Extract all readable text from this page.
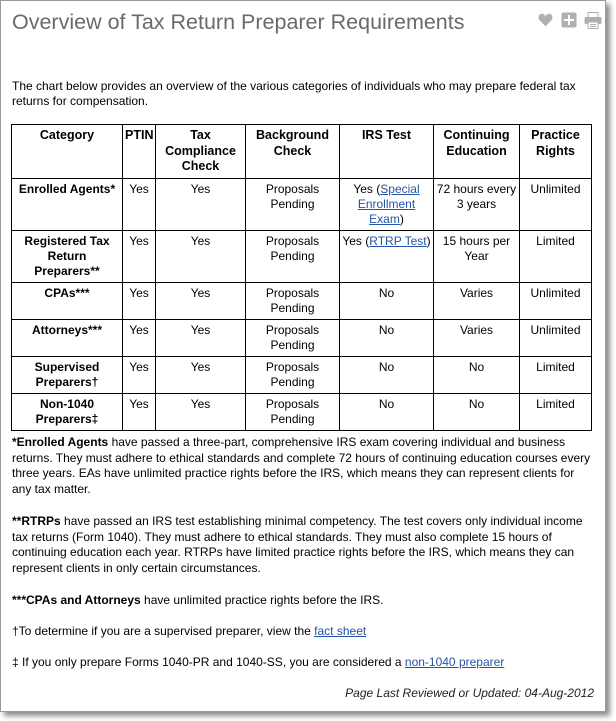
Overview of Tax Return Preparer Requirements

The chart below provides an overview of the various categories of individuals who may prepare federal tax returns for compensation.

Category	PTIN	Tax Compliance Check	Background Check	IRS Test	Continuing Education	Practice Rights
Enrolled Agents*	Yes	Yes	Proposals Pending	Yes (Special Enrollment Exam)	72 hours every 3 years	Unlimited
Registered Tax Return Preparers**	Yes	Yes	Proposals Pending	Yes (RTRP Test)	15 hours per Year	Limited
CPAs***	Yes	Yes	Proposals Pending	No	Varies	Unlimited
Attorneys***	Yes	Yes	Proposals Pending	No	Varies	Unlimited
Supervised Preparers†	Yes	Yes	Proposals Pending	No	No	Limited
Non-1040 Preparers‡	Yes	Yes	Proposals Pending	No	No	Limited

*Enrolled Agents have passed a three-part, comprehensive IRS exam covering individual and business returns. They must adhere to ethical standards and complete 72 hours of continuing education courses every three years. EAs have unlimited practice rights before the IRS, which means they can represent clients for any tax matter.

**RTRPs have passed an IRS test establishing minimal competency. The test covers only individual income tax returns (Form 1040). They must adhere to ethical standards. They must also complete 15 hours of continuing education each year. RTRPs have limited practice rights before the IRS, which means they can represent clients in only certain circumstances.

***CPAs and Attorneys have unlimited practice rights before the IRS.

†To determine if you are a supervised preparer, view the fact sheet

‡ If you only prepare Forms 1040-PR and 1040-SS, you are considered a non-1040 preparer

Page Last Reviewed or Updated: 04-Aug-2012
